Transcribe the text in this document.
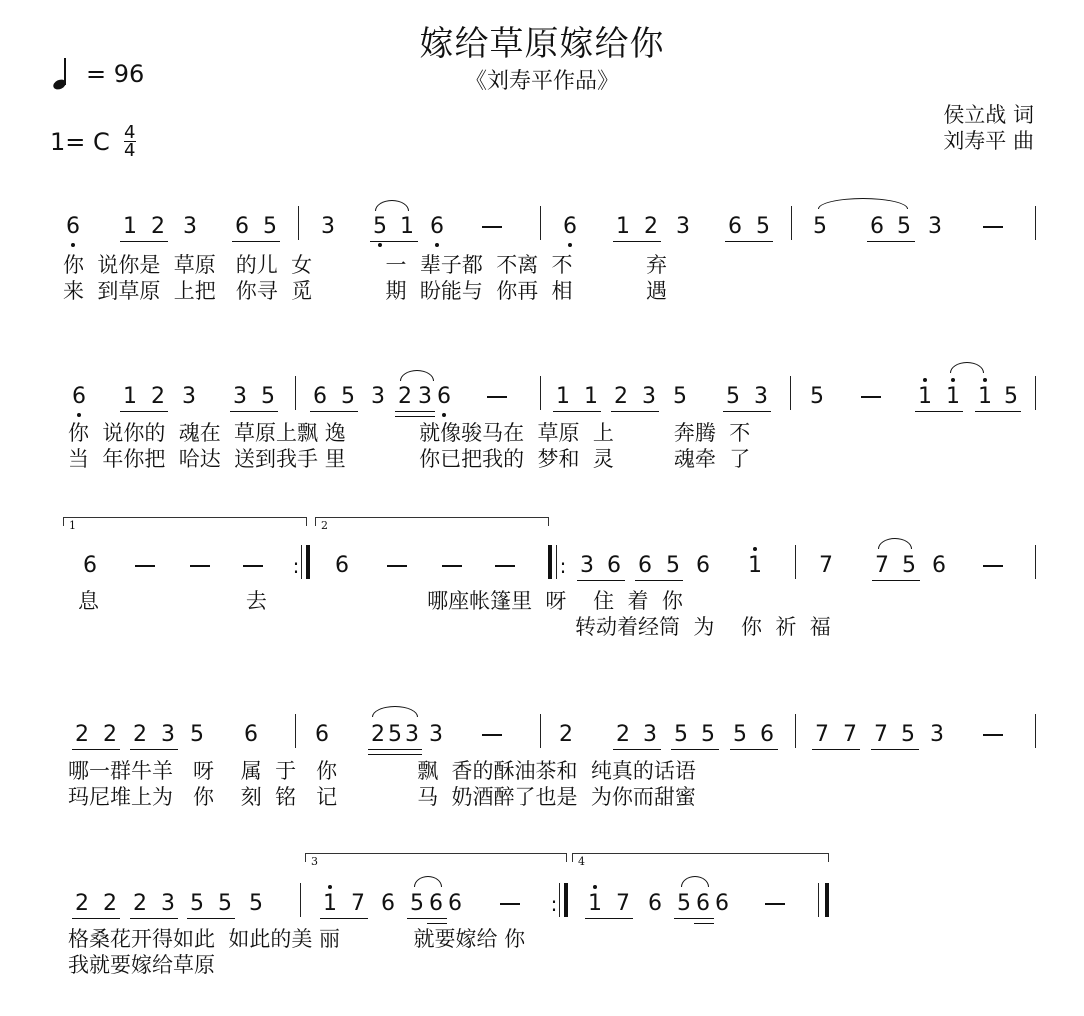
嫁给草原嫁给你
《刘寿平作品》
= 96
1= C $\frac{4}{4}$
侯立战 词
刘寿平 曲
6 1 2 3 6 5 3 5 1 6	6 1 2 3 6 5 5 6 5 3
你  说你是  草原   的儿  女           一  辈子都  不离  不           弃
来  到草原  上把   你寻  觅           期  盼能与  你再  相           遇
6 1 2 3 3 5 6 5 3 2 3 6	1 1 2 3 5 5 3 5	1 1 1 5
你  说你的  魂在  草原上飘 逸           就像骏马在  草原  上         奔腾  不
当  年你把  哈达  送到我手 里           你已把我的  梦和  灵         魂牵  了
1	2
6	: 6	: 3 6 6 5 6 1	7 7 5 6
息                      去                        哪座帐篷里  呀    住  着  你
转动着经筒  为    你  祈  福
2 2 2 3 5 6	6 2 5 3 3	2 2 3 5 5 5 6 7 7 7 5 3
哪一群牛羊   呀    属  于   你            飘  香的酥油茶和  纯真的话语
玛尼堆上为   你    刻  铭   记            马  奶酒醉了也是  为你而甜蜜
3	4
2 2 2 3 5 5 5	1 7 6 5 6 6	: 1 7 6 5 6 6
格桑花开得如此  如此的美 丽           就要嫁给 你
我就要嫁给草原
